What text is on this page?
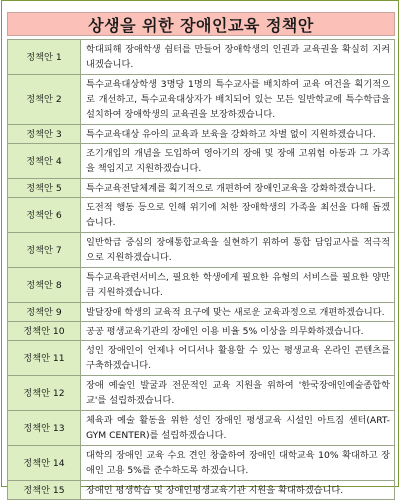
상생을 위한 장애인교육 정책안
정책안 1	학대피해 장애학생 쉼터를 만들어 장애학생의 인권과 교육권을 확실히 지켜내겠습니다.
정책안 2	특수교육대상학생 3명당 1명의 특수교사를 배치하여 교육 여건을 획기적으로 개선하고, 특수교육대상자가 배치되어 있는 모든 일반학교에 특수학급을 설치하여 장애학생의 교육권을 보장하겠습니다.
정책안 3	특수교육대상 유아의 교육과 보육을 강화하고 차별 없이 지원하겠습니다.
정책안 4	조기개입의 개념을 도입하여 영아기의 장애 및 장애 고위험 아동과 그 가족을 책임지고 지원하겠습니다.
정책안 5	특수교육전달체계를 획기적으로 개편하여 장애인교육을 강화하겠습니다.
정책안 6	도전적 행동 등으로 인해 위기에 처한 장애학생의 가족을 최선을 다해 돕겠습니다.
정책안 7	일반학급 중심의 장애통합교육을 실현하기 위하여 통합 담임교사를 적극적으로 지원하겠습니다.
정책안 8	특수교육관련서비스, 필요한 학생에게 필요한 유형의 서비스를 필요한 양만큼 지원하겠습니다.
정책안 9	발달장애 학생의 교육적 요구에 맞는 새로운 교육과정으로 개편하겠습니다.
정책안 10	공공 평생교육기관의 장애인 이용 비율 5% 이상을 의무화하겠습니다.
정책안 11	성인 장애인이 언제나 어디서나 활용할 수 있는 평생교육 온라인 콘텐츠를 구축하겠습니다.
정책안 12	장애 예술인 발굴과 전문적인 교육 지원을 위하여 '한국장애인예술종합학교'를 설립하겠습니다.
정책안 13	체육과 예술 활동을 위한 성인 장애인 평생교육 시설인 아트짐 센터(ART-GYM CENTER)를 설립하겠습니다.
정책안 14	대학의 장애인 교육 수요 견인 창출하여 장애인 대학교육 10% 확대하고 장애인 고용 5%를 준수하도록 하겠습니다.
정책안 15	장애인 평생학습 및 장애인평생교육기관 지원을 확대하겠습니다.
